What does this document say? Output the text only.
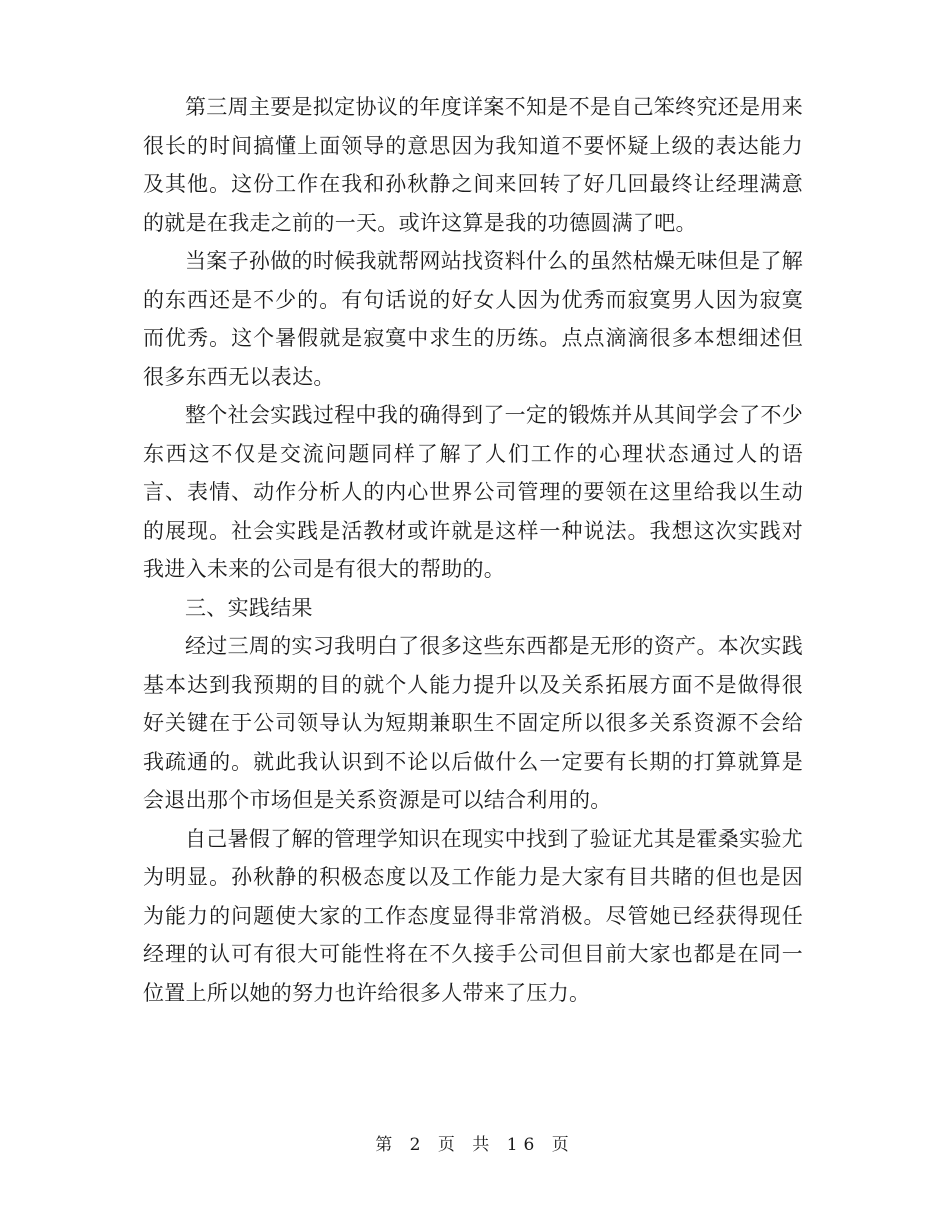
第三周主要是拟定协议的年度详案不知是不是自己笨终究还是用来很长的时间搞懂上面领导的意思因为我知道不要怀疑上级的表达能力及其他。这份工作在我和孙秋静之间来回转了好几回最终让经理满意的就是在我走之前的一天。或许这算是我的功德圆满了吧。

当案子孙做的时候我就帮网站找资料什么的虽然枯燥无味但是了解的东西还是不少的。有句话说的好女人因为优秀而寂寞男人因为寂寞而优秀。这个暑假就是寂寞中求生的历练。点点滴滴很多本想细述但很多东西无以表达。

整个社会实践过程中我的确得到了一定的锻炼并从其间学会了不少东西这不仅是交流问题同样了解了人们工作的心理状态通过人的语言、表情、动作分析人的内心世界公司管理的要领在这里给我以生动的展现。社会实践是活教材或许就是这样一种说法。我想这次实践对我进入未来的公司是有很大的帮助的。

三、实践结果

经过三周的实习我明白了很多这些东西都是无形的资产。本次实践基本达到我预期的目的就个人能力提升以及关系拓展方面不是做得很好关键在于公司领导认为短期兼职生不固定所以很多关系资源不会给我疏通的。就此我认识到不论以后做什么一定要有长期的打算就算是会退出那个市场但是关系资源是可以结合利用的。

自己暑假了解的管理学知识在现实中找到了验证尤其是霍桑实验尤为明显。孙秋静的积极态度以及工作能力是大家有目共睹的但也是因为能力的问题使大家的工作态度显得非常消极。尽管她已经获得现任经理的认可有很大可能性将在不久接手公司但目前大家也都是在同一位置上所以她的努力也许给很多人带来了压力。

第 2 页 共 16 页
